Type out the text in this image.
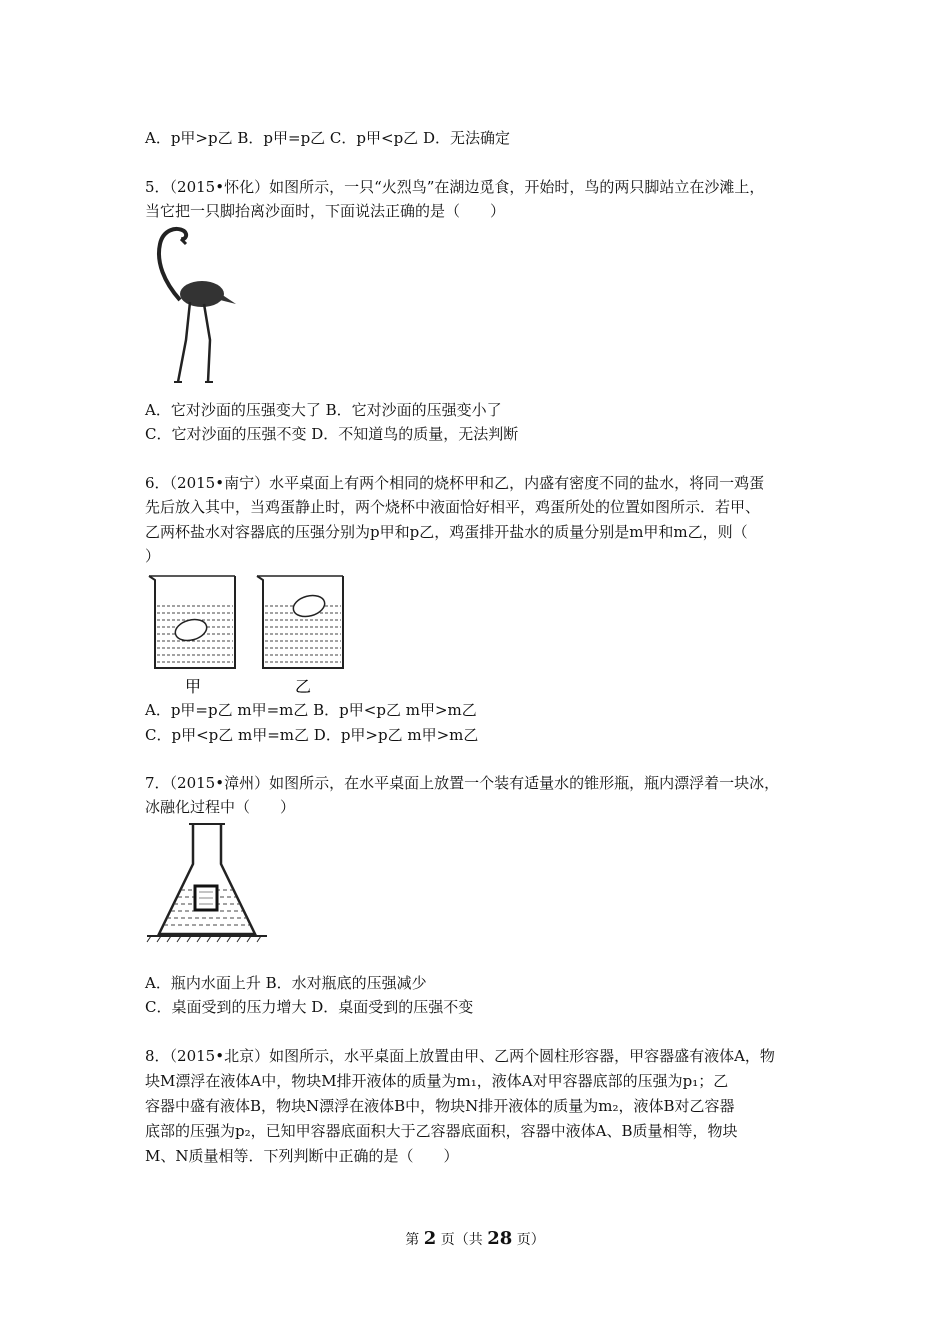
A．p甲>p乙 B．p甲=p乙 C．p甲<p乙 D．无法确定
5．（2015•怀化）如图所示，一只“火烈鸟”在湖边觅食，开始时，鸟的两只脚站立在沙滩上，
当它把一只脚抬离沙面时，下面说法正确的是（　　）
A．它对沙面的压强变大了 B．它对沙面的压强变小了
C．它对沙面的压强不变 D．不知道鸟的质量，无法判断
6．（2015•南宁）水平桌面上有两个相同的烧杯甲和乙，内盛有密度不同的盐水，将同一鸡蛋
先后放入其中，当鸡蛋静止时，两个烧杯中液面恰好相平，鸡蛋所处的位置如图所示．若甲、
乙两杯盐水对容器底的压强分别为p甲和p乙，鸡蛋排开盐水的质量分别是m甲和m乙，则（
）
甲	乙
A．p甲=p乙 m甲=m乙 B．p甲<p乙 m甲>m乙
C．p甲<p乙 m甲=m乙 D．p甲>p乙 m甲>m乙
7．（2015•漳州）如图所示，在水平桌面上放置一个装有适量水的锥形瓶，瓶内漂浮着一块冰，
冰融化过程中（　　）
A．瓶内水面上升 B．水对瓶底的压强减少
C．桌面受到的压力增大 D．桌面受到的压强不变
8．（2015•北京）如图所示，水平桌面上放置由甲、乙两个圆柱形容器，甲容器盛有液体A，物
块M漂浮在液体A中，物块M排开液体的质量为m₁，液体A对甲容器底部的压强为p₁；乙
容器中盛有液体B，物块N漂浮在液体B中，物块N排开液体的质量为m₂，液体B对乙容器
底部的压强为p₂，已知甲容器底面积大于乙容器底面积，容器中液体A、B质量相等，物块
M、N质量相等．下列判断中正确的是（　　）
第 2 页（共 28 页）
